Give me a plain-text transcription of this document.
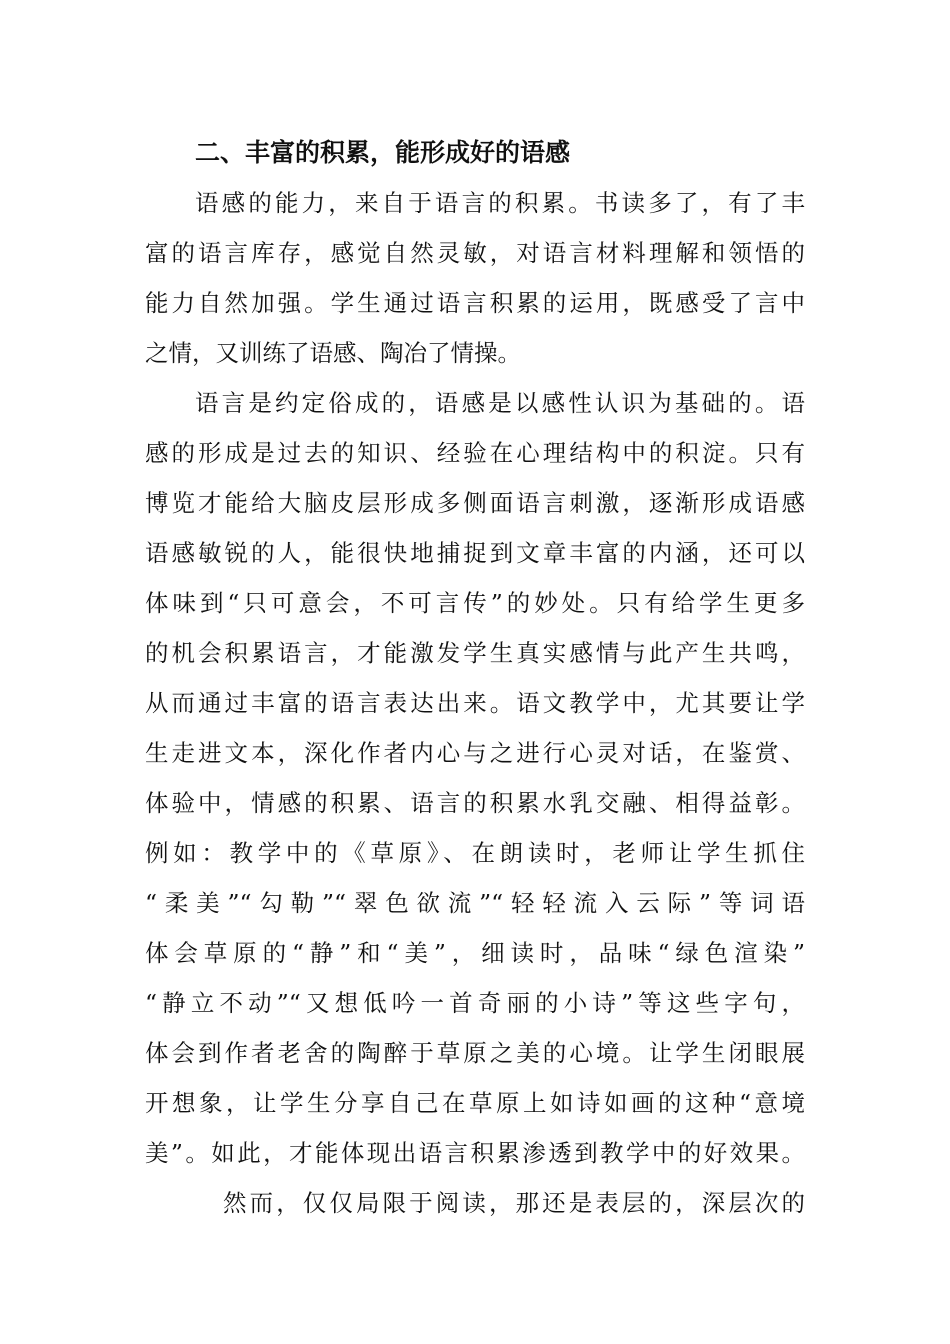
二、丰富的积累，能形成好的语感
语感的能力，来自于语言的积累。书读多了，有了丰
富的语言库存，感觉自然灵敏，对语言材料理解和领悟的
能力自然加强。学生通过语言积累的运用，既感受了言中
之情，又训练了语感、陶冶了情操。
语言是约定俗成的，语感是以感性认识为基础的。语
感的形成是过去的知识、经验在心理结构中的积淀。只有
博览才能给大脑皮层形成多侧面语言刺激，逐渐形成语感
语感敏锐的人，能很快地捕捉到文章丰富的内涵，还可以
体味到“只可意会，不可言传”的妙处。只有给学生更多
的机会积累语言，才能激发学生真实感情与此产生共鸣，
从而通过丰富的语言表达出来。语文教学中，尤其要让学
生走进文本，深化作者内心与之进行心灵对话，在鉴赏、
体验中，情感的积累、语言的积累水乳交融、相得益彰。
例如：教学中的《草原》、在朗读时，老师让学生抓住
“柔美”“勾勒”“翠色欲流”“轻轻流入云际”等词语
体会草原的“静”和“美”，细读时，品味“绿色渲染”
“静立不动”“又想低吟一首奇丽的小诗”等这些字句，
体会到作者老舍的陶醉于草原之美的心境。让学生闭眼展
开想象，让学生分享自己在草原上如诗如画的这种“意境
美”。如此，才能体现出语言积累渗透到教学中的好效果。
然而，仅仅局限于阅读，那还是表层的，深层次的
